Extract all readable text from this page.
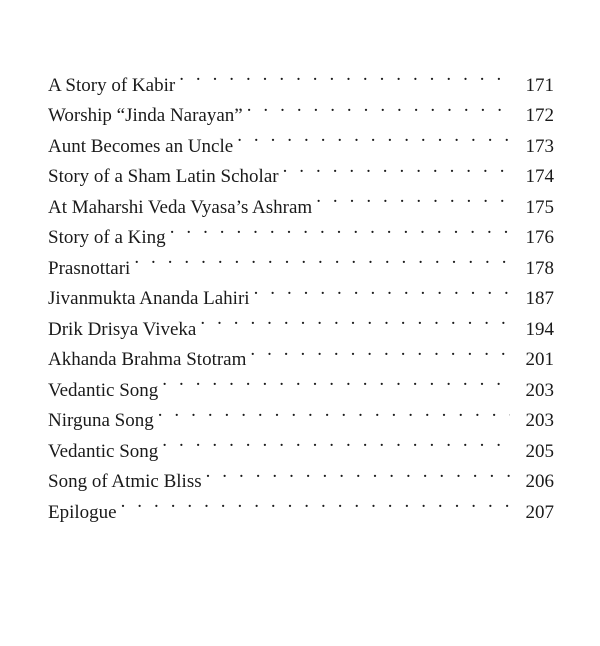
A Story of Kabir . . .	171
Worship “Jinda Narayan” . . .	172
Aunt Becomes an Uncle . . .	173
Story of a Sham Latin Scholar . . .	174
At Maharshi Veda Vyasa’s Ashram . . .	175
Story of a King . . .	176
Prasnottari . . .	178
Jivanmukta Ananda Lahiri . . .	187
Drik Drisya Viveka . . .	194
Akhanda Brahma Stotram . . .	201
Vedantic Song . . .	203
Nirguna Song . . .	203
Vedantic Song . . .	205
Song of Atmic Bliss . . .	206
Epilogue . . .	207
